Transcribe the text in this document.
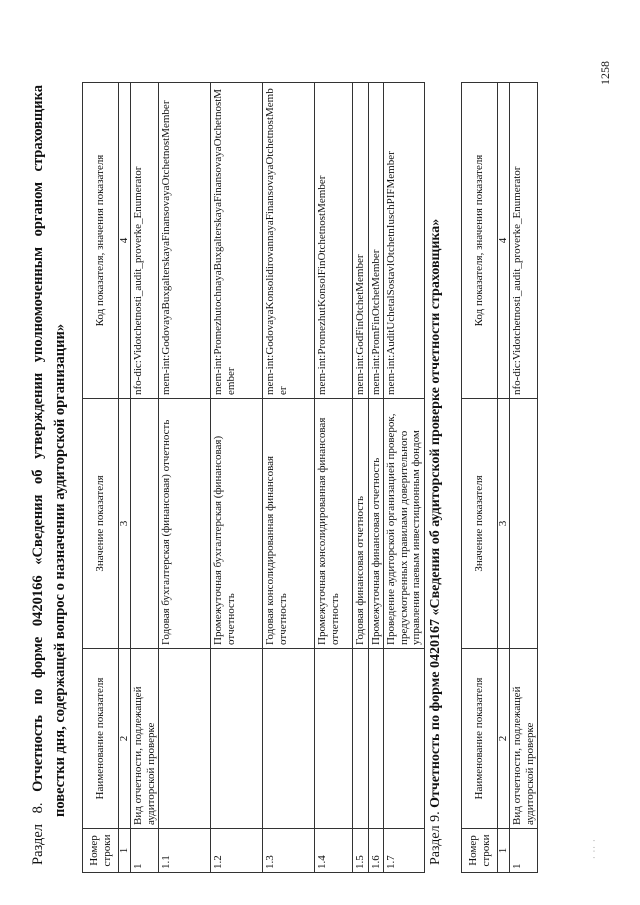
Раздел 8. Отчетность по форме 0420166 «Сведения об утверждении уполномоченным органом страховщика повестки дня, содержащей вопрос о назначении аудиторской организации»
Номер строки	Наименование показателя	Значение показателя	Код показателя, значения показателя
1	2	3	4
1	Вид отчетности, подлежащей аудиторской проверке		nfo-dic:Vidotchetnosti_audit_proverke_Enumerator
1.1		Годовая бухгалтерская (финансовая) отчетность	mem-int:GodovayaBuxgalterskayaFinansovayaOtchetnostMember
1.2		Промежуточная бухгалтерская (финансовая) отчетность	mem-int:PromezhutochnayaBuxgalterskayaFinansovayaOtchetnostMember
1.3		Годовая консолидированная финансовая отчетность	mem-int:GodovayaKonsolidirovannayaFinansovayaOtchetnostMember
1.4		Промежуточная консолидированная финансовая отчетность	mem-int:PromezhutKonsolFinOtchetnostMember
1.5		Годовая финансовая отчетность	mem-int:GodFinOtchetMember
1.6		Промежуточная финансовая отчетность	mem-int:PromFinOtchetMember
1.7		Проведение аудиторской организацией проверок, предусмотренных правилами доверительного управления паевым инвестиционным фондом	mem-int:AuditUchetalSostavlOtchetnIuschPIFMember
Раздел 9. Отчетность по форме 0420167 «Сведения об аудиторской проверке отчетности страховщика»
Номер строки	Наименование показателя	Значение показателя	Код показателя, значения показателя
1	2	3	4
1	Вид отчетности, подлежащей аудиторской проверке		nfo-dic:Vidotchetnosti_audit_proverke_Enumerator
1258
· ·· ·
